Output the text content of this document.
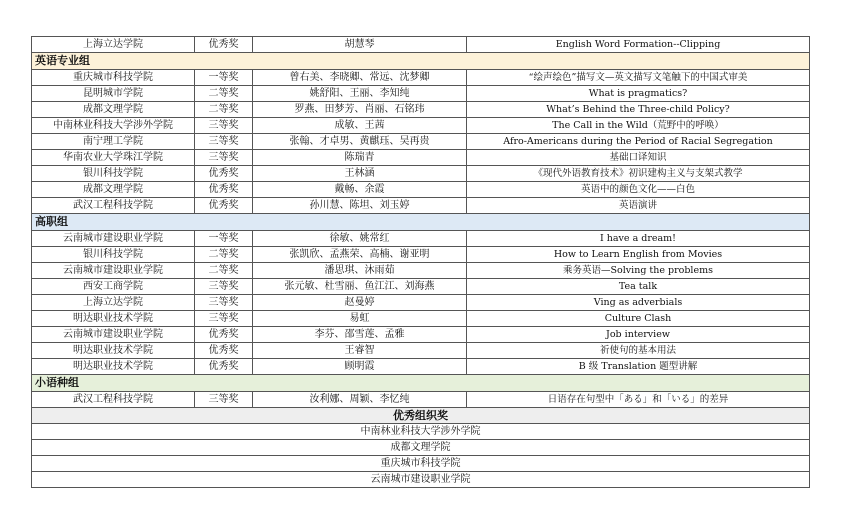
上海立达学院	优秀奖	胡慧琴	English Word Formation--Clipping
英语专业组			
重庆城市科技学院	一等奖	曾右美、李晓卿、常远、沈梦卿	“绘声绘色”描写文—英文描写文笔触下的中国式审美
昆明城市学院	二等奖	姚舒阳、王丽、李知纯	What is pragmatics?
成都文理学院	二等奖	罗燕、田梦芳、肖丽、石铭玮	What’s Behind the Three-child Policy?
中南林业科技大学涉外学院	三等奖	成敏、王茜	The Call in the Wild（荒野中的呼唤）
南宁理工学院	三等奖	张翰、才卓男、黄麒珏、吴再贵	Afro-Americans during the Period of Racial Segregation
华南农业大学珠江学院	三等奖	陈瑞青	基础口译知识
银川科技学院	优秀奖	王林涵	《现代外语教育技术》初识建构主义与支架式教学
成都文理学院	优秀奖	戴畅、余霞	英语中的颜色文化——白色
武汉工程科技学院	优秀奖	孙川慧、陈坦、刘玉婷	英语演讲
高职组			
云南城市建设职业学院	一等奖	徐敏、姚常红	I have a dream!
银川科技学院	二等奖	张凯欣、孟燕荣、高楠、谢亚明	How to Learn English from Movies
云南城市建设职业学院	二等奖	潘思琪、沐雨茹	乘务英语—Solving the problems
西安工商学院	三等奖	张元敏、杜雪丽、鱼江江、刘海燕	Tea talk
上海立达学院	三等奖	赵曼婷	Ving as adverbials
明达职业技术学院	三等奖	易虹	Culture Clash
云南城市建设职业学院	优秀奖	李芬、邵雪莲、孟雅	Job interview
明达职业技术学院	优秀奖	王睿智	祈使句的基本用法
明达职业技术学院	优秀奖	顾明霞	B 级 Translation 题型讲解
小语种组			
武汉工程科技学院	三等奖	汝利娜、周颖、李忆纯	日语存在句型中「ある」和「いる」的差异
优秀组织奖			
中南林业科技大学涉外学院			
成都文理学院			
重庆城市科技学院			
云南城市建设职业学院			
